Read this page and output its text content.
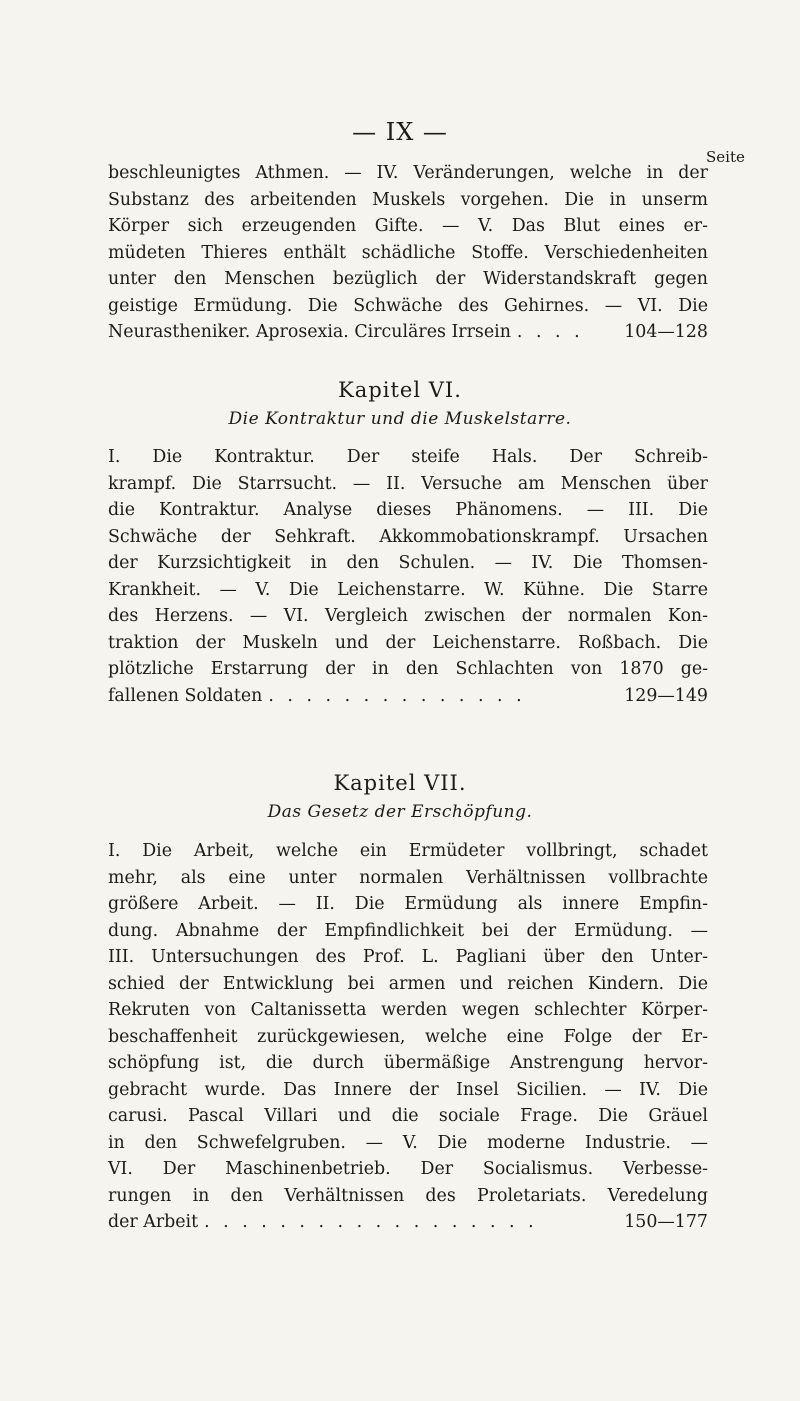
— IX —
Seite
beschleunigtes Athmen. — IV. Veränderungen, welche in der
Substanz des arbeitenden Muskels vorgehen. Die in unserm
Körper sich erzeugenden Gifte. — V. Das Blut eines er-
müdeten Thieres enthält schädliche Stoffe. Verschiedenheiten
unter den Menschen bezüglich der Widerstandskraft gegen
geistige Ermüdung. Die Schwäche des Gehirnes. — VI. Die
Neurastheniker. Aprosexia. Circuläres Irrsein . . . .	104—128
Kapitel VI.
Die Kontraktur und die Muskelstarre.
I. Die Kontraktur. Der steife Hals. Der Schreib-
krampf. Die Starrsucht. — II. Versuche am Menschen über
die Kontraktur. Analyse dieses Phänomens. — III. Die
Schwäche der Sehkraft. Akkommobationskrampf. Ursachen
der Kurzsichtigkeit in den Schulen. — IV. Die Thomsen-
Krankheit. — V. Die Leichenstarre. W. Kühne. Die Starre
des Herzens. — VI. Vergleich zwischen der normalen Kon-
traktion der Muskeln und der Leichenstarre. Roßbach. Die
plötzliche Erstarrung der in den Schlachten von 1870 ge-
fallenen Soldaten . . . . . . . . . . . . . .	129—149
Kapitel VII.
Das Gesetz der Erschöpfung.
I. Die Arbeit, welche ein Ermüdeter vollbringt, schadet
mehr, als eine unter normalen Verhältnissen vollbrachte
größere Arbeit. — II. Die Ermüdung als innere Empfin-
dung. Abnahme der Empfindlichkeit bei der Ermüdung. —
III. Untersuchungen des Prof. L. Pagliani über den Unter-
schied der Entwicklung bei armen und reichen Kindern. Die
Rekruten von Caltanissetta werden wegen schlechter Körper-
beschaffenheit zurückgewiesen, welche eine Folge der Er-
schöpfung ist, die durch übermäßige Anstrengung hervor-
gebracht wurde. Das Innere der Insel Sicilien. — IV. Die
carusi. Pascal Villari und die sociale Frage. Die Gräuel
in den Schwefelgruben. — V. Die moderne Industrie. —
VI. Der Maschinenbetrieb. Der Socialismus. Verbesse-
rungen in den Verhältnissen des Proletariats. Veredelung
der Arbeit . . . . . . . . . . . . . . . . . .	150—177
